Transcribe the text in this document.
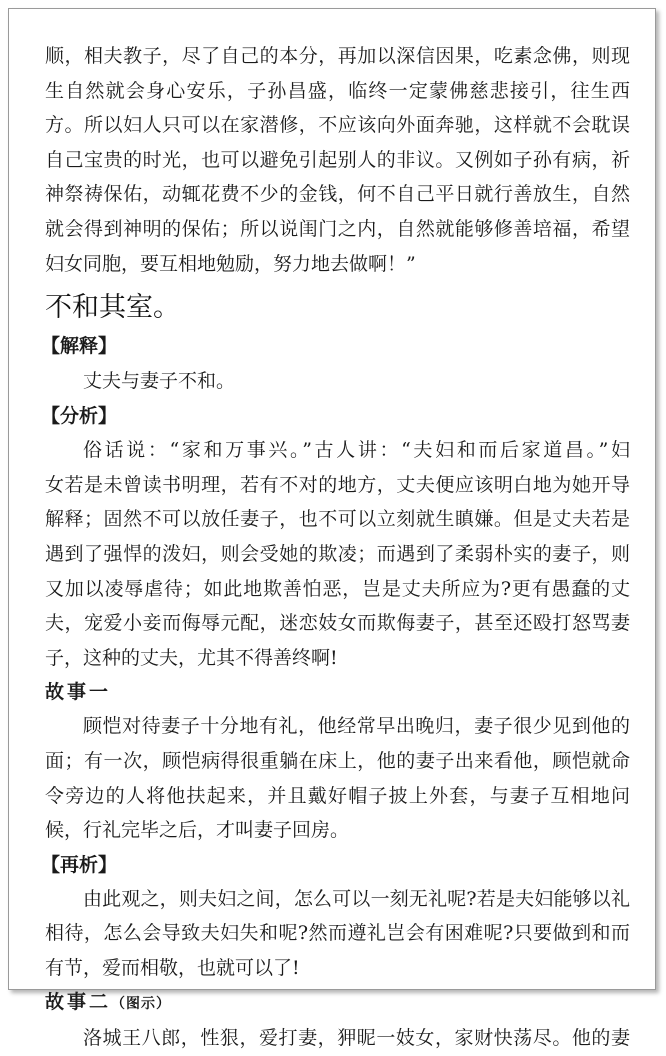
顺，相夫教子，尽了自己的本分，再加以深信因果，吃素念佛，则现

生自然就会身心安乐，子孙昌盛，临终一定蒙佛慈悲接引，往生西

方。所以妇人只可以在家潜修，不应该向外面奔驰，这样就不会耽误

自己宝贵的时光，也可以避免引起别人的非议。又例如子孙有病，祈

神祭祷保佑，动辄花费不少的金钱，何不自己平日就行善放生，自然

就会得到神明的保佑；所以说闺门之内，自然就能够修善培福，希望

妇女同胞，要互相地勉励，努力地去做啊！”

不和其室。
【解释】
丈夫与妻子不和。
【分析】

俗话说：“家和万事兴。”古人讲：“夫妇和而后家道昌。”妇

女若是未曾读书明理，若有不对的地方，丈夫便应该明白地为她开导

解释；固然不可以放任妻子，也不可以立刻就生瞋嫌。但是丈夫若是

遇到了强悍的泼妇，则会受她的欺凌；而遇到了柔弱朴实的妻子，则

又加以凌辱虐待；如此地欺善怕恶，岂是丈夫所应为?更有愚蠢的丈

夫，宠爱小妾而侮辱元配，迷恋妓女而欺侮妻子，甚至还殴打怒骂妻

子，这种的丈夫，尤其不得善终啊!

故事一

顾恺对待妻子十分地有礼，他经常早出晚归，妻子很少见到他的

面；有一次，顾恺病得很重躺在床上，他的妻子出来看他，顾恺就命

令旁边的人将他扶起来，并且戴好帽子披上外套，与妻子互相地问

候，行礼完毕之后，才叫妻子回房。

【再析】

由此观之，则夫妇之间，怎么可以一刻无礼呢?若是夫妇能够以礼

相待，怎么会导致夫妇失和呢?然而遵礼岂会有困难呢?只要做到和而

有节，爱而相敬，也就可以了!

故事二（图示）

洛城王八郎，性狠，爱打妻，狎昵一妓女，家财快荡尽。他的妻
